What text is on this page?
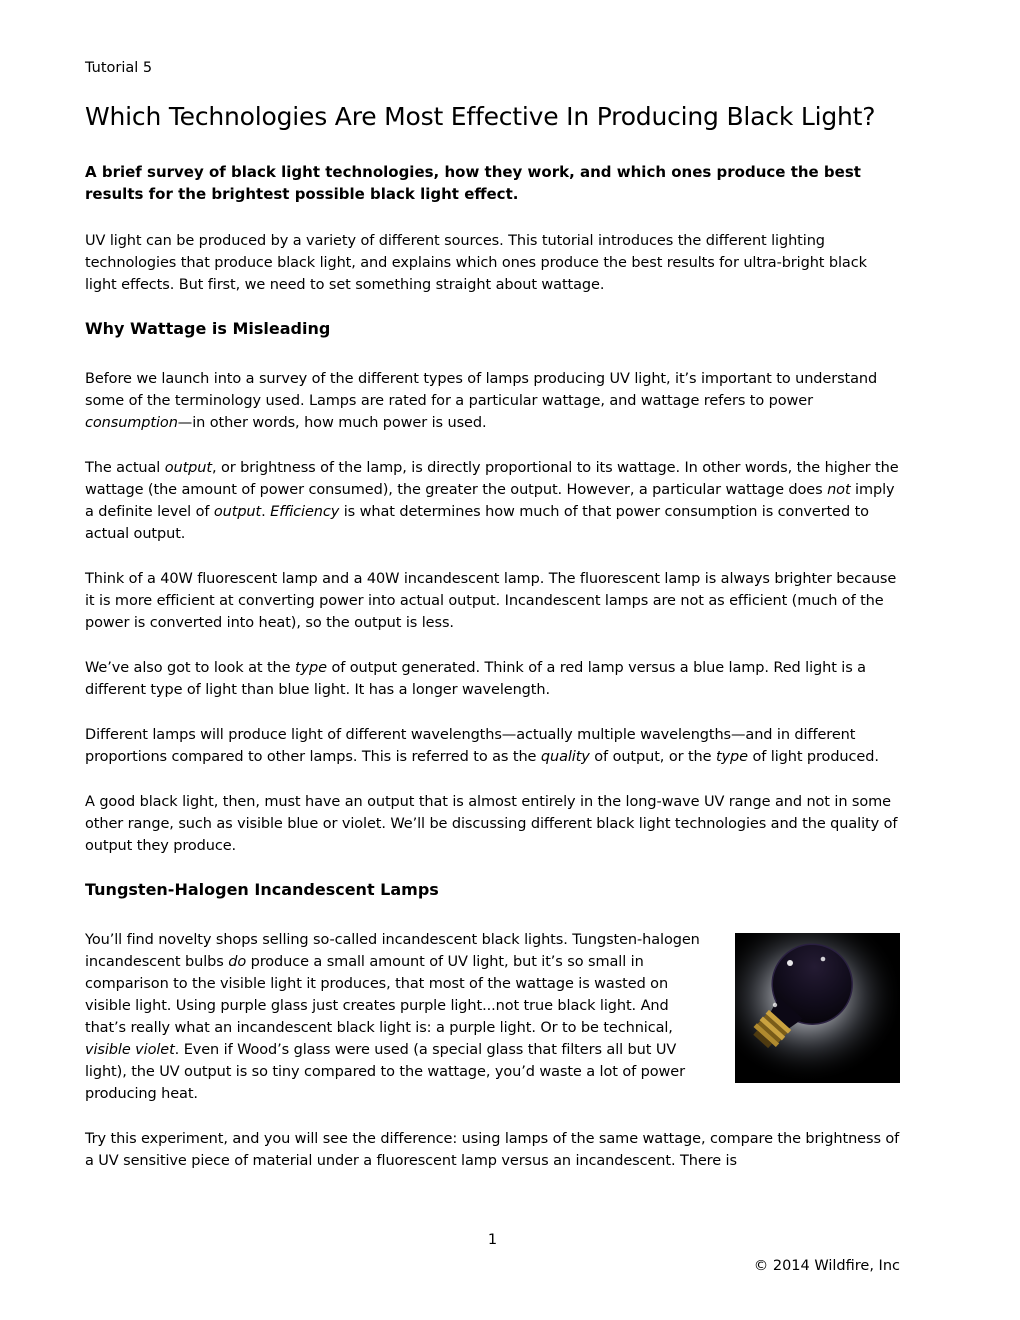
Tutorial 5

Which Technologies Are Most Effective In Producing Black Light?

A brief survey of black light technologies, how they work, and which ones produce the best results for the brightest possible black light effect.

UV light can be produced by a variety of different sources. This tutorial introduces the different lighting technologies that produce black light, and explains which ones produce the best results for ultra-bright black light effects. But first, we need to set something straight about wattage.

Why Wattage is Misleading

Before we launch into a survey of the different types of lamps producing UV light, it’s important to understand some of the terminology used. Lamps are rated for a particular wattage, and wattage refers to power consumption—in other words, how much power is used.

The actual output, or brightness of the lamp, is directly proportional to its wattage. In other words, the higher the wattage (the amount of power consumed), the greater the output. However, a particular wattage does not imply a definite level of output. Efficiency is what determines how much of that power consumption is converted to actual output.

Think of a 40W fluorescent lamp and a 40W incandescent lamp. The fluorescent lamp is always brighter because it is more efficient at converting power into actual output. Incandescent lamps are not as efficient (much of the power is converted into heat), so the output is less.

We’ve also got to look at the type of output generated. Think of a red lamp versus a blue lamp. Red light is a different type of light than blue light. It has a longer wavelength.

Different lamps will produce light of different wavelengths—actually multiple wavelengths—and in different proportions compared to other lamps. This is referred to as the quality of output, or the type of light produced.

A good black light, then, must have an output that is almost entirely in the long-wave UV range and not in some other range, such as visible blue or violet. We’ll be discussing different black light technologies and the quality of output they produce.

Tungsten-Halogen Incandescent Lamps

You’ll find novelty shops selling so-called incandescent black lights. Tungsten-halogen incandescent bulbs do produce a small amount of UV light, but it’s so small in comparison to the visible light it produces, that most of the wattage is wasted on visible light. Using purple glass just creates purple light...not true black light. And that’s really what an incandescent black light is: a purple light. Or to be technical, visible violet. Even if Wood’s glass were used (a special glass that filters all but UV light), the UV output is so tiny compared to the wattage, you’d waste a lot of power producing heat.

Try this experiment, and you will see the difference: using lamps of the same wattage, compare the brightness of a UV sensitive piece of material under a fluorescent lamp versus an incandescent. There is

1
© 2014 Wildfire, Inc
